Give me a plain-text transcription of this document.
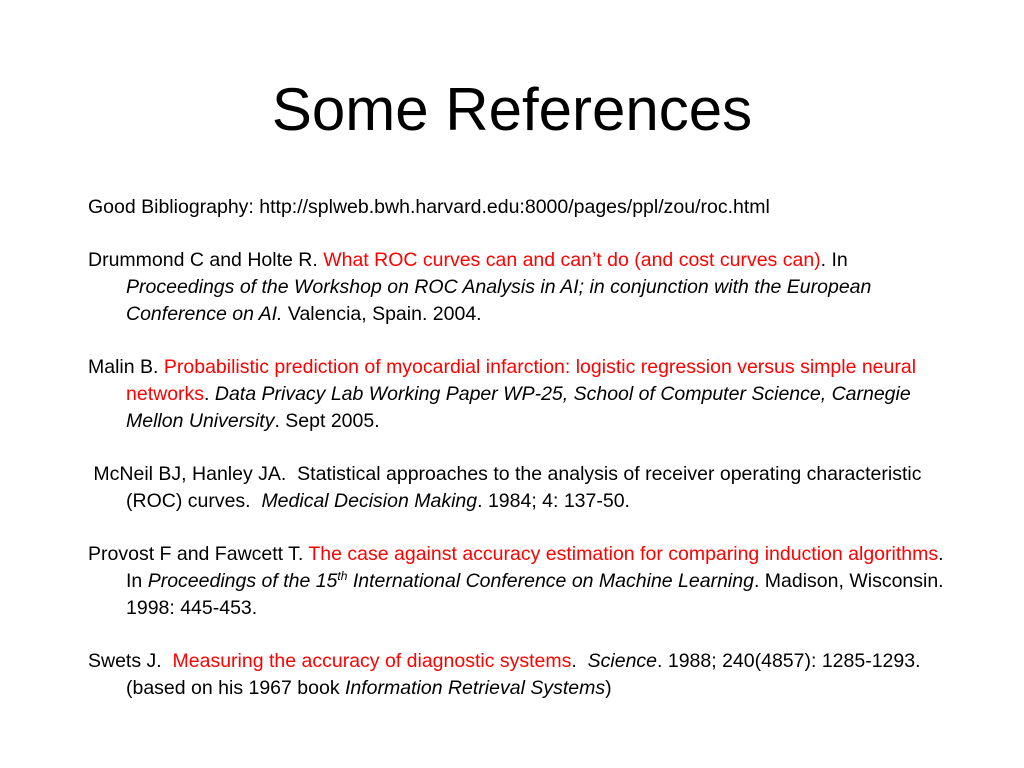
Some References

Good Bibliography: http://splweb.bwh.harvard.edu:8000/pages/ppl/zou/roc.html

Drummond C and Holte R. What ROC curves can and can’t do (and cost curves can). In Proceedings of the Workshop on ROC Analysis in AI; in conjunction with the European Conference on AI. Valencia, Spain. 2004.

Malin B. Probabilistic prediction of myocardial infarction: logistic regression versus simple neural networks. Data Privacy Lab Working Paper WP-25, School of Computer Science, Carnegie Mellon University. Sept 2005.

McNeil BJ, Hanley JA.  Statistical approaches to the analysis of receiver operating characteristic (ROC) curves.  Medical Decision Making. 1984; 4: 137-50.

Provost F and Fawcett T. The case against accuracy estimation for comparing induction algorithms. In Proceedings of the 15th International Conference on Machine Learning. Madison, Wisconsin. 1998: 445-453.

Swets J.  Measuring the accuracy of diagnostic systems.  Science. 1988; 240(4857): 1285-1293. (based on his 1967 book Information Retrieval Systems)
